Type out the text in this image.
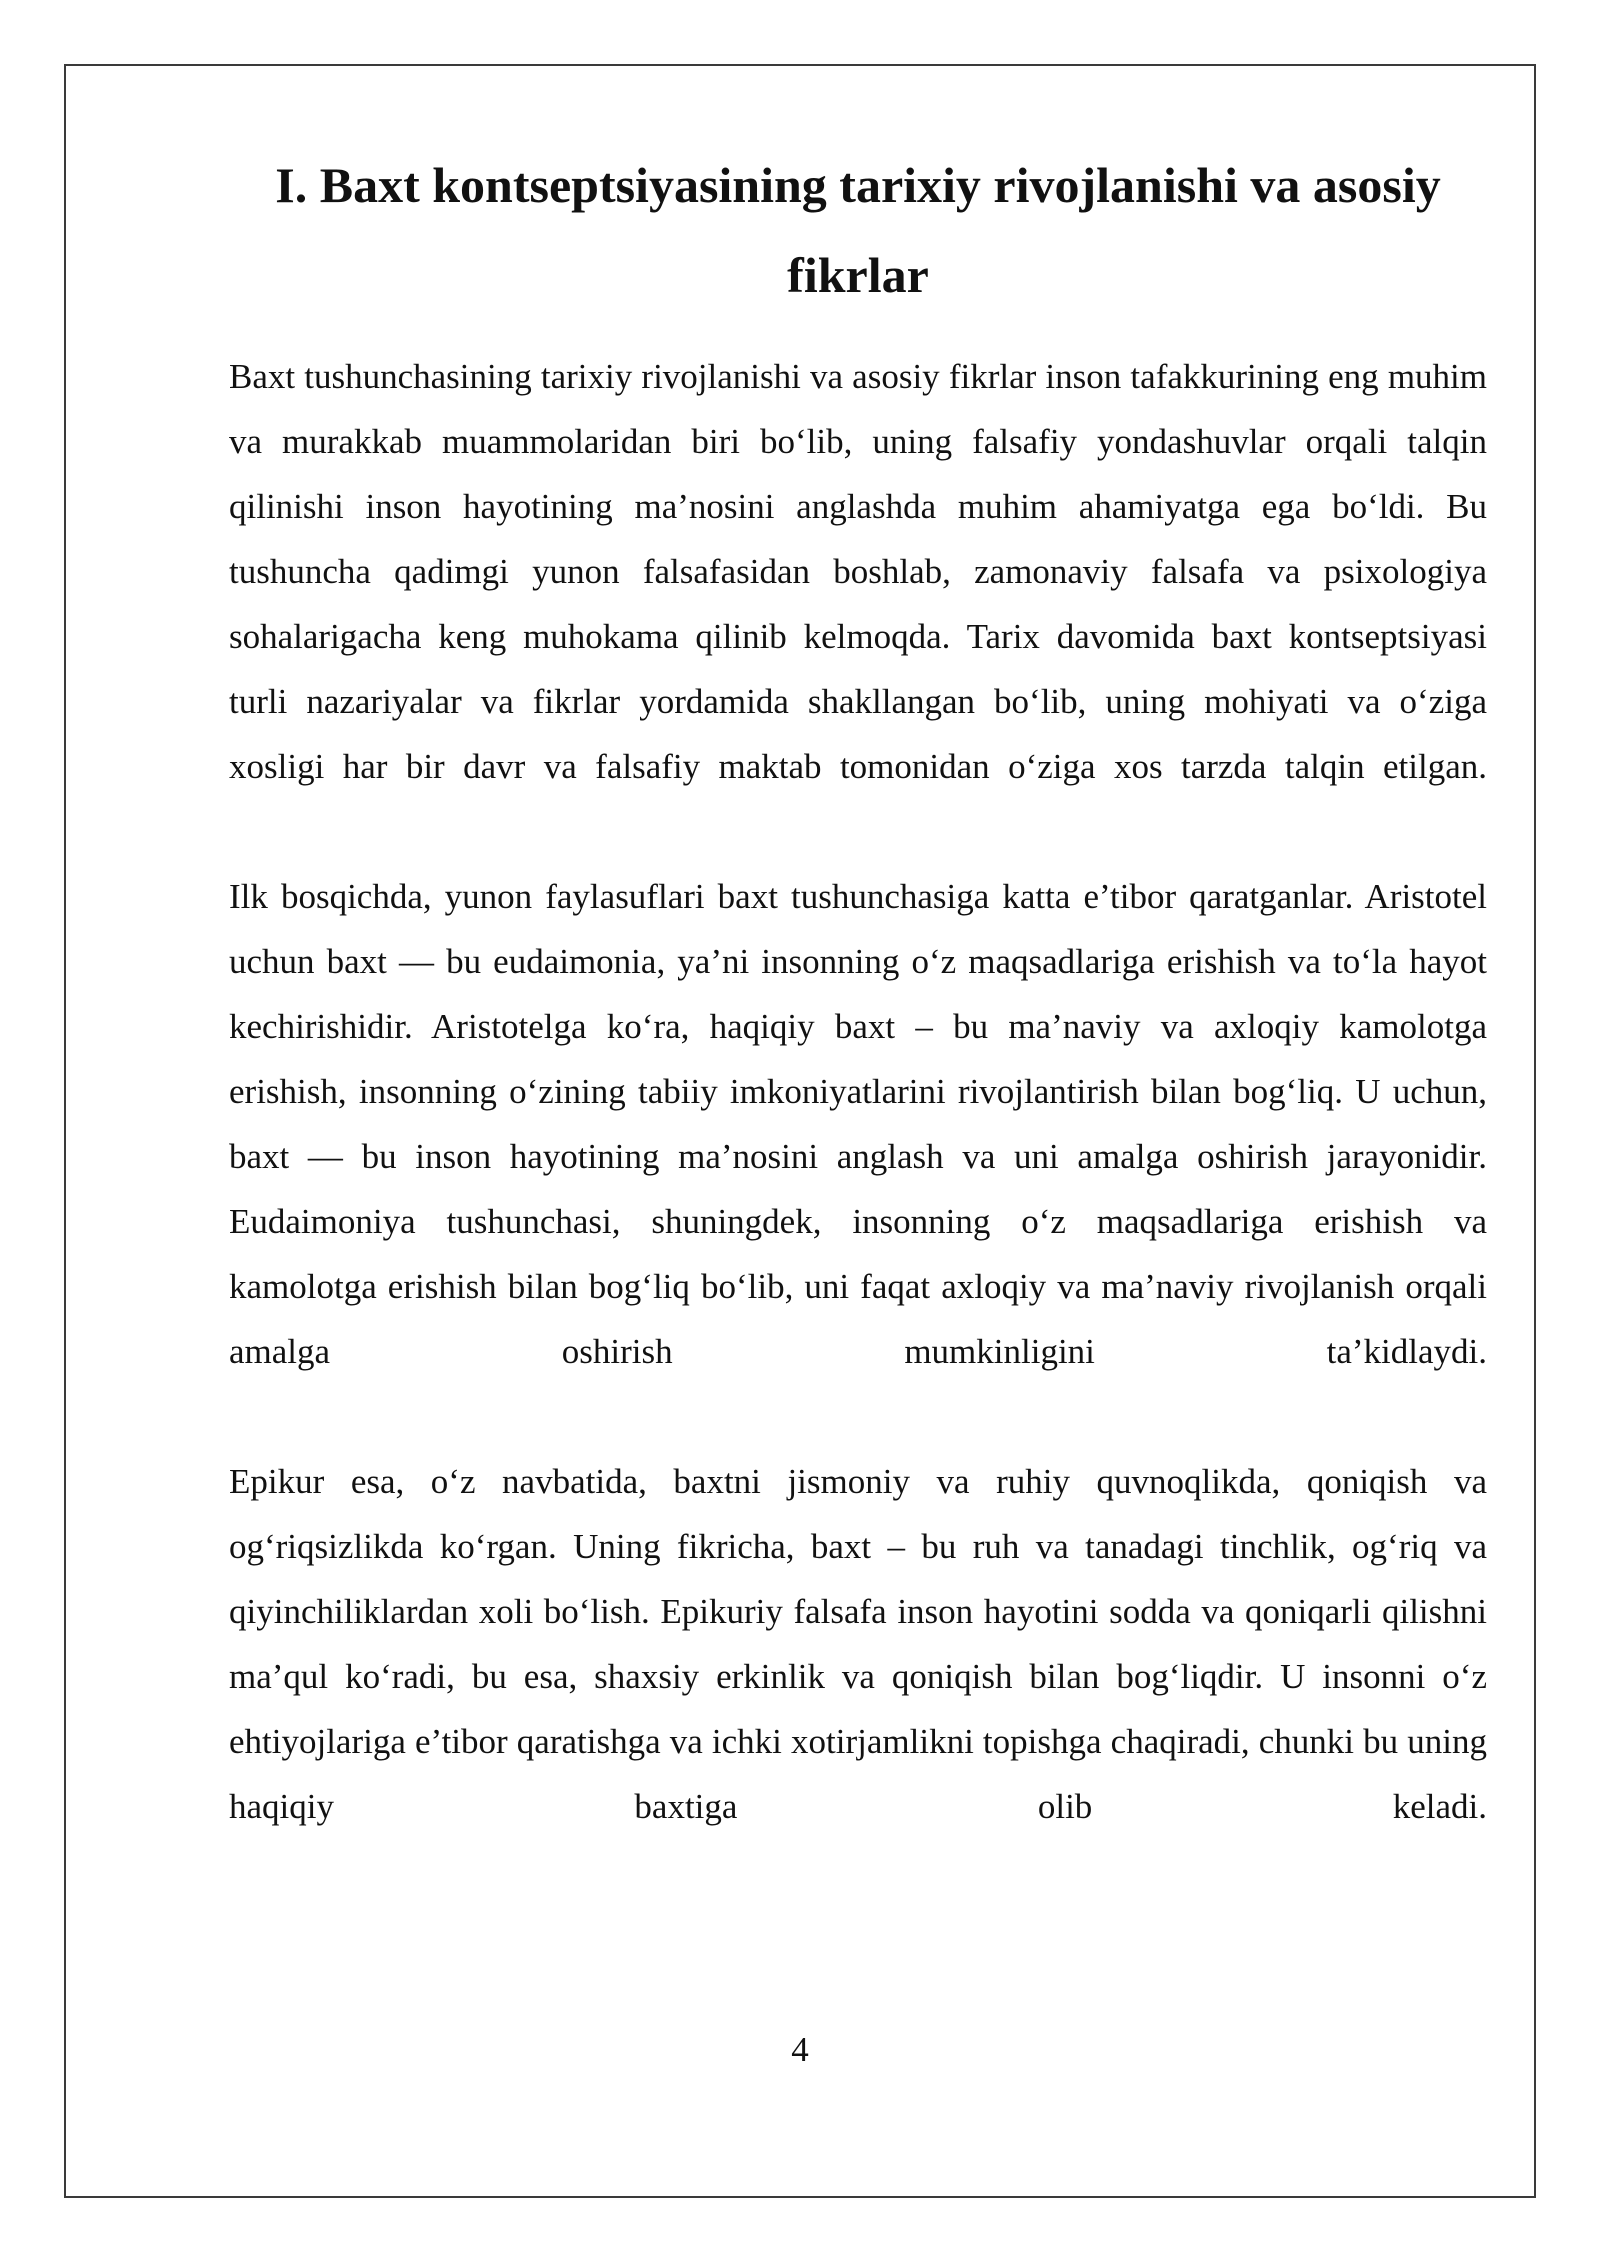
I. Baxt kontseptsiyasining tarixiy rivojlanishi va asosiy fikrlar

Baxt tushunchasining tarixiy rivojlanishi va asosiy fikrlar inson tafakkurining eng muhim va murakkab muammolaridan biri bo‘lib, uning falsafiy yondashuvlar orqali talqin qilinishi inson hayotining ma’nosini anglashda muhim ahamiyatga ega bo‘ldi. Bu tushuncha qadimgi yunon falsafasidan boshlab, zamonaviy falsafa va psixologiya sohalarigacha keng muhokama qilinib kelmoqda. Tarix davomida baxt kontseptsiyasi turli nazariyalar va fikrlar yordamida shakllangan bo‘lib, uning mohiyati va o‘ziga xosligi har bir davr va falsafiy maktab tomonidan o‘ziga xos tarzda talqin etilgan.

Ilk bosqichda, yunon faylasuflari baxt tushunchasiga katta e’tibor qaratganlar. Aristotel uchun baxt — bu eudaimonia, ya’ni insonning o‘z maqsadlariga erishish va to‘la hayot kechirishidir. Aristotelga ko‘ra, haqiqiy baxt – bu ma’naviy va axloqiy kamolotga erishish, insonning o‘zining tabiiy imkoniyatlarini rivojlantirish bilan bog‘liq. U uchun, baxt — bu inson hayotining ma’nosini anglash va uni amalga oshirish jarayonidir. Eudaimoniya tushunchasi, shuningdek, insonning o‘z maqsadlariga erishish va kamolotga erishish bilan bog‘liq bo‘lib, uni faqat axloqiy va ma’naviy rivojlanish orqali amalga oshirish mumkinligini ta’kidlaydi.

Epikur esa, o‘z navbatida, baxtni jismoniy va ruhiy quvnoqlikda, qoniqish va og‘riqsizlikda ko‘rgan. Uning fikricha, baxt – bu ruh va tanadagi tinchlik, og‘riq va qiyinchiliklardan xoli bo‘lish. Epikuriy falsafa inson hayotini sodda va qoniqarli qilishni ma’qul ko‘radi, bu esa, shaxsiy erkinlik va qoniqish bilan bog‘liqdir. U insonni o‘z ehtiyojlariga e’tibor qaratishga va ichki xotirjamlikni topishga chaqiradi, chunki bu uning haqiqiy baxtiga olib keladi.

4
